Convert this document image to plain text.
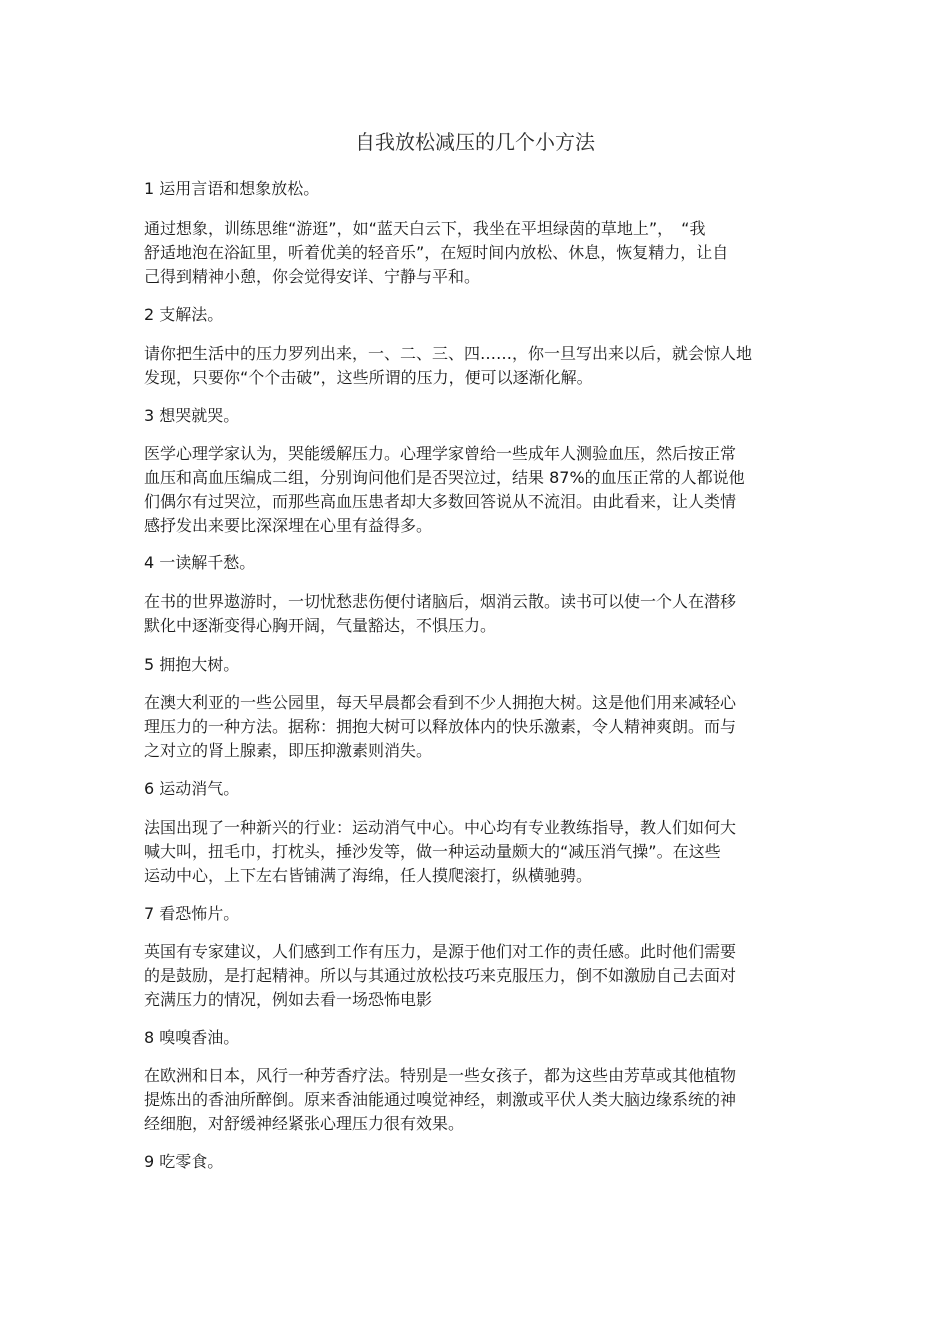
自我放松减压的几个小方法
1 运用言语和想象放松。
通过想象，训练思维“游逛”，如“蓝天白云下，我坐在平坦绿茵的草地上”，　“我
舒适地泡在浴缸里，听着优美的轻音乐”，在短时间内放松、休息，恢复精力，让自
己得到精神小憩，你会觉得安详、宁静与平和。
2 支解法。
请你把生活中的压力罗列出来，一、二、三、四……，你一旦写出来以后，就会惊人地
发现，只要你“个个击破”，这些所谓的压力，便可以逐渐化解。
3 想哭就哭。
医学心理学家认为，哭能缓解压力。心理学家曾给一些成年人测验血压，然后按正常
血压和高血压编成二组，分别询问他们是否哭泣过，结果 87%的血压正常的人都说他
们偶尔有过哭泣，而那些高血压患者却大多数回答说从不流泪。由此看来，让人类情
感抒发出来要比深深埋在心里有益得多。
4 一读解千愁。
在书的世界遨游时，一切忧愁悲伤便付诸脑后，烟消云散。读书可以使一个人在潜移
默化中逐渐变得心胸开阔，气量豁达，不惧压力。
5 拥抱大树。
在澳大利亚的一些公园里，每天早晨都会看到不少人拥抱大树。这是他们用来减轻心
理压力的一种方法。据称：拥抱大树可以释放体内的快乐激素，令人精神爽朗。而与
之对立的肾上腺素，即压抑激素则消失。
6 运动消气。
法国出现了一种新兴的行业：运动消气中心。中心均有专业教练指导，教人们如何大
喊大叫，扭毛巾，打枕头，捶沙发等，做一种运动量颇大的“减压消气操”。在这些
运动中心，上下左右皆铺满了海绵，任人摸爬滚打，纵横驰骋。
7 看恐怖片。
英国有专家建议，人们感到工作有压力，是源于他们对工作的责任感。此时他们需要
的是鼓励，是打起精神。所以与其通过放松技巧来克服压力，倒不如激励自己去面对
充满压力的情况，例如去看一场恐怖电影
8 嗅嗅香油。
在欧洲和日本，风行一种芳香疗法。特别是一些女孩子，都为这些由芳草或其他植物
提炼出的香油所醉倒。原来香油能通过嗅觉神经，刺激或平伏人类大脑边缘系统的神
经细胞，对舒缓神经紧张心理压力很有效果。
9 吃零食。
